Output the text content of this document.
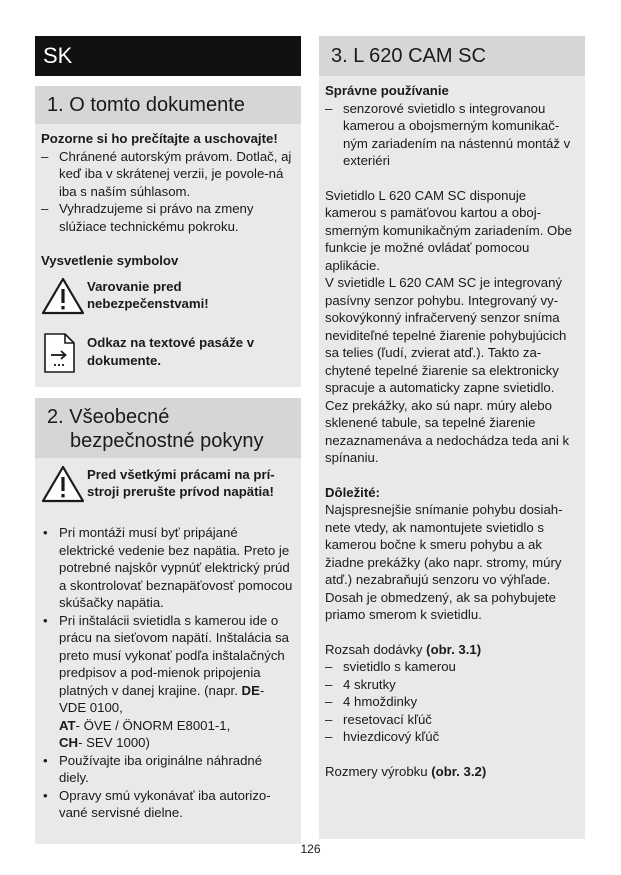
SK
1. O tomto dokumente

Pozorne si ho prečítajte a uschovajte!

– Chránené autorským právom. Dotlač, aj keď iba v skrátenej verzii, je povole-ná iba s naším súhlasom.
– Vyhradzujeme si právo na zmeny slúžiace technickému pokroku.

Vysvetlenie symbolov

Varovanie pred nebezpečenstvami!
Odkaz na textové pasáže v dokumente.
2. Všeobecné
bezpečnostné pokyny
Pred všetkými prácami na prí-stroji prerušte prívod napätia!
• Pri montáži musí byť pripájané elektrické vedenie bez napätia. Preto je potrebné najskôr vypnúť elektrický prúd a skontrolovať beznapäťovosť pomocou skúšačky napätia.
• Pri inštalácii svietidla s kamerou ide o prácu na sieťovom napätí. Inštalácia sa preto musí vykonať podľa inštalačných predpisov a pod-mienok pripojenia platných v danej krajine. (napr. DE- VDE 0100,
AT- ÖVE / ÖNORM E8001-1,
CH- SEV 1000)
• Používajte iba originálne náhradné diely.
• Opravy smú vykonávať iba autorizo-vané servisné dielne.
3. L 620 CAM SC

Správne používanie

– senzorové svietidlo s integrovanou kamerou a obojsmerným komunikač-ným zariadením na nástennú montáž v exteriéri

Svietidlo L 620 CAM SC disponuje kamerou s pamäťovou kartou a oboj-smerným komunikačným zariadením. Obe funkcie je možné ovládať pomocou aplikácie.

V svietidle L 620 CAM SC je integrovaný pasívny senzor pohybu. Integrovaný vy-sokovýkonný infračervený senzor sníma neviditeľné tepelné žiarenie pohybujúcich sa telies (ľudí, zvierat atď.). Takto za-chytené tepelné žiarenie sa elektronicky spracuje a automaticky zapne svietidlo. Cez prekážky, ako sú napr. múry alebo sklenené tabule, sa tepelné žiarenie nezaznamenáva a nedochádza teda ani k spínaniu.

Dôležité:

Najspresnejšie snímanie pohybu dosiah-nete vtedy, ak namontujete svietidlo s kamerou bočne k smeru pohybu a ak žiadne prekážky (ako napr. stromy, múry atď.) nezabraňujú senzoru vo výhľade. Dosah je obmedzený, ak sa pohybujete priamo smerom k svietidlu.

Rozsah dodávky (obr. 3.1)

– svietidlo s kamerou
– 4 skrutky
– 4 hmoždinky
– resetovací kľúč
– hviezdicový kľúč

Rozmery výrobku (obr. 3.2)

126
